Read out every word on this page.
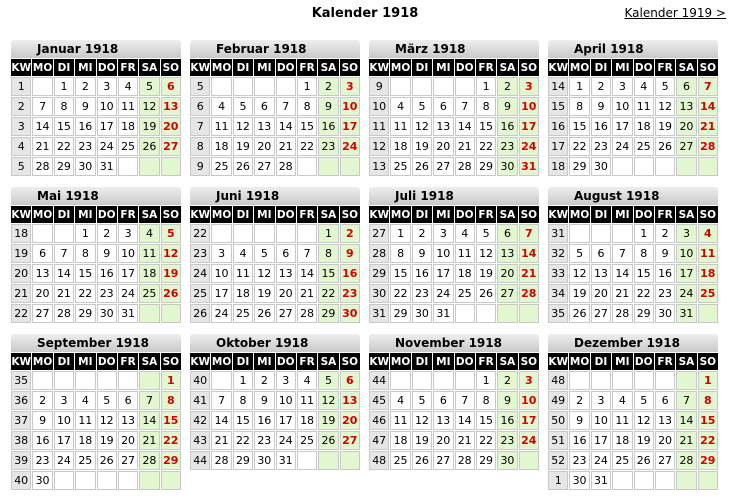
Kalender 1918	Kalender 1919 >
Januar 1918
KW	MO	DI	MI	DO	FR	SA	SO
1		1	2	3	4	5	6
2	7	8	9	10	11	12	13
3	14	15	16	17	18	19	20
4	21	22	23	24	25	26	27
5	28	29	30	31			
Februar 1918
KW	MO	DI	MI	DO	FR	SA	SO
5					1	2	3
6	4	5	6	7	8	9	10
7	11	12	13	14	15	16	17
8	18	19	20	21	22	23	24
9	25	26	27	28			
März 1918
KW	MO	DI	MI	DO	FR	SA	SO
9					1	2	3
10	4	5	6	7	8	9	10
11	11	12	13	14	15	16	17
12	18	19	20	21	22	23	24
13	25	26	27	28	29	30	31
April 1918
KW	MO	DI	MI	DO	FR	SA	SO
14	1	2	3	4	5	6	7
15	8	9	10	11	12	13	14
16	15	16	17	18	19	20	21
17	22	23	24	25	26	27	28
18	29	30					
Mai 1918
KW	MO	DI	MI	DO	FR	SA	SO
18			1	2	3	4	5
19	6	7	8	9	10	11	12
20	13	14	15	16	17	18	19
21	20	21	22	23	24	25	26
22	27	28	29	30	31		
Juni 1918
KW	MO	DI	MI	DO	FR	SA	SO
22						1	2
23	3	4	5	6	7	8	9
24	10	11	12	13	14	15	16
25	17	18	19	20	21	22	23
26	24	25	26	27	28	29	30
Juli 1918
KW	MO	DI	MI	DO	FR	SA	SO
27	1	2	3	4	5	6	7
28	8	9	10	11	12	13	14
29	15	16	17	18	19	20	21
30	22	23	24	25	26	27	28
31	29	30	31				
August 1918
KW	MO	DI	MI	DO	FR	SA	SO
31				1	2	3	4
32	5	6	7	8	9	10	11
33	12	13	14	15	16	17	18
34	19	20	21	22	23	24	25
35	26	27	28	29	30	31	
September 1918
KW	MO	DI	MI	DO	FR	SA	SO
35							1
36	2	3	4	5	6	7	8
37	9	10	11	12	13	14	15
38	16	17	18	19	20	21	22
39	23	24	25	26	27	28	29
40	30						
Oktober 1918
KW	MO	DI	MI	DO	FR	SA	SO
40		1	2	3	4	5	6
41	7	8	9	10	11	12	13
42	14	15	16	17	18	19	20
43	21	22	23	24	25	26	27
44	28	29	30	31			
November 1918
KW	MO	DI	MI	DO	FR	SA	SO
44					1	2	3
45	4	5	6	7	8	9	10
46	11	12	13	14	15	16	17
47	18	19	20	21	22	23	24
48	25	26	27	28	29	30	
Dezember 1918
KW	MO	DI	MI	DO	FR	SA	SO
48							1
49	2	3	4	5	6	7	8
50	9	10	11	12	13	14	15
51	16	17	18	19	20	21	22
52	23	24	25	26	27	28	29
1	30	31					
